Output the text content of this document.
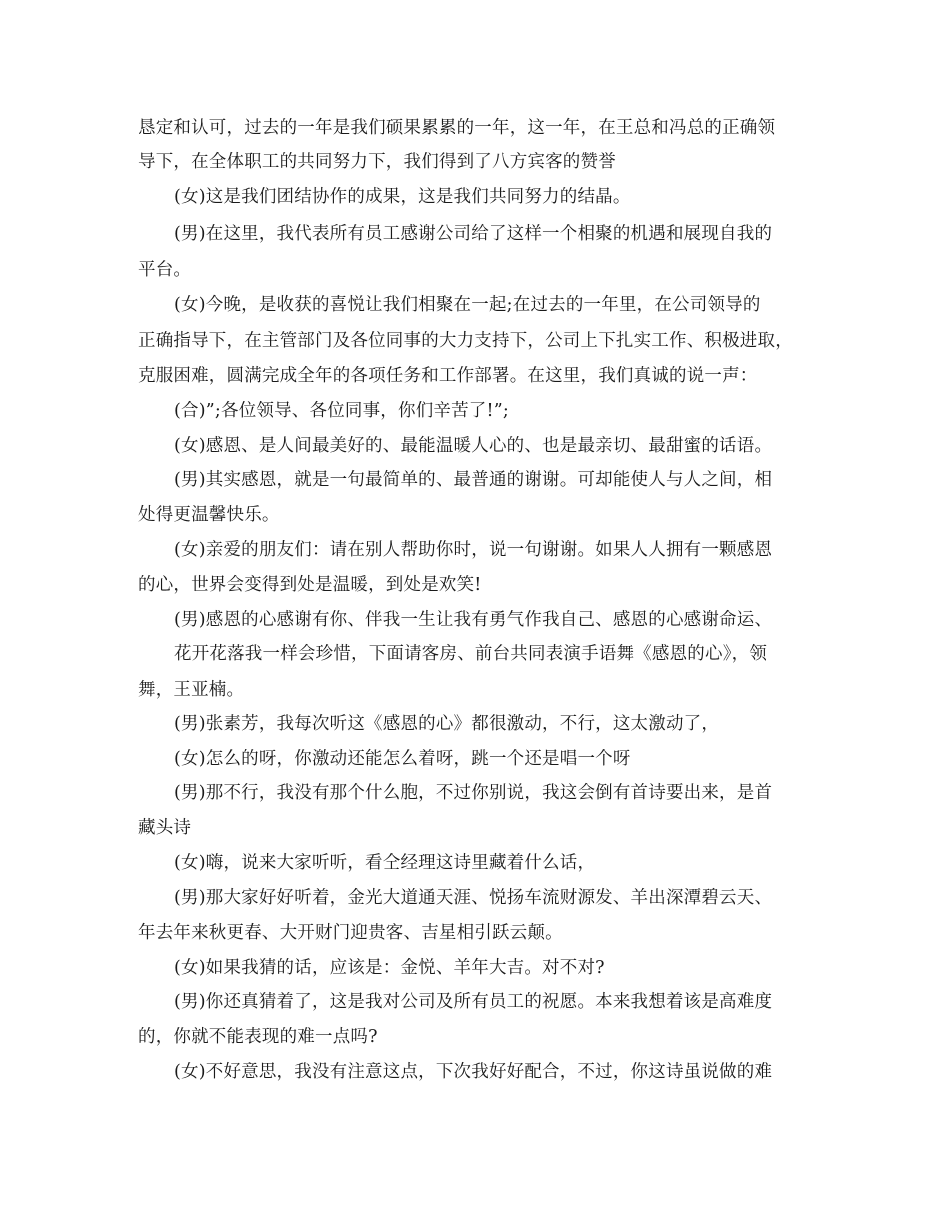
恳定和认可，过去的一年是我们硕果累累的一年，这一年，在王总和冯总的正确领
导下，在全体职工的共同努力下，我们得到了八方宾客的赞誉
(女)这是我们团结协作的成果，这是我们共同努力的结晶。
(男)在这里，我代表所有员工感谢公司给了这样一个相聚的机遇和展现自我的
平台。
(女)今晚，是收获的喜悦让我们相聚在一起;在过去的一年里，在公司领导的
正确指导下，在主管部门及各位同事的大力支持下，公司上下扎实工作、积极进取，
克服困难，圆满完成全年的各项任务和工作部署。在这里，我们真诚的说一声：
(合)”;各位领导、各位同事，你们辛苦了!”;
(女)感恩、是人间最美好的、最能温暖人心的、也是最亲切、最甜蜜的话语。
(男)其实感恩，就是一句最简单的、最普通的谢谢。可却能使人与人之间，相
处得更温馨快乐。
(女)亲爱的朋友们：请在别人帮助你时，说一句谢谢。如果人人拥有一颗感恩
的心，世界会变得到处是温暖，到处是欢笑!
(男)感恩的心感谢有你、伴我一生让我有勇气作我自己、感恩的心感谢命运、
花开花落我一样会珍惜，下面请客房、前台共同表演手语舞《感恩的心》，领
舞，王亚楠。
(男)张素芳，我每次听这《感恩的心》都很激动，不行，这太激动了，
(女)怎么的呀，你激动还能怎么着呀，跳一个还是唱一个呀
(男)那不行，我没有那个什么胞，不过你别说，我这会倒有首诗要出来，是首
藏头诗
(女)嗨，说来大家听听，看仝经理这诗里藏着什么话，
(男)那大家好好听着，金光大道通天涯、悦扬车流财源发、羊出深潭碧云天、
年去年来秋更春、大开财门迎贵客、吉星相引跃云颠。
(女)如果我猜的话，应该是：金悦、羊年大吉。对不对?
(男)你还真猜着了，这是我对公司及所有员工的祝愿。本来我想着该是高难度
的，你就不能表现的难一点吗?
(女)不好意思，我没有注意这点，下次我好好配合，不过，你这诗虽说做的难
